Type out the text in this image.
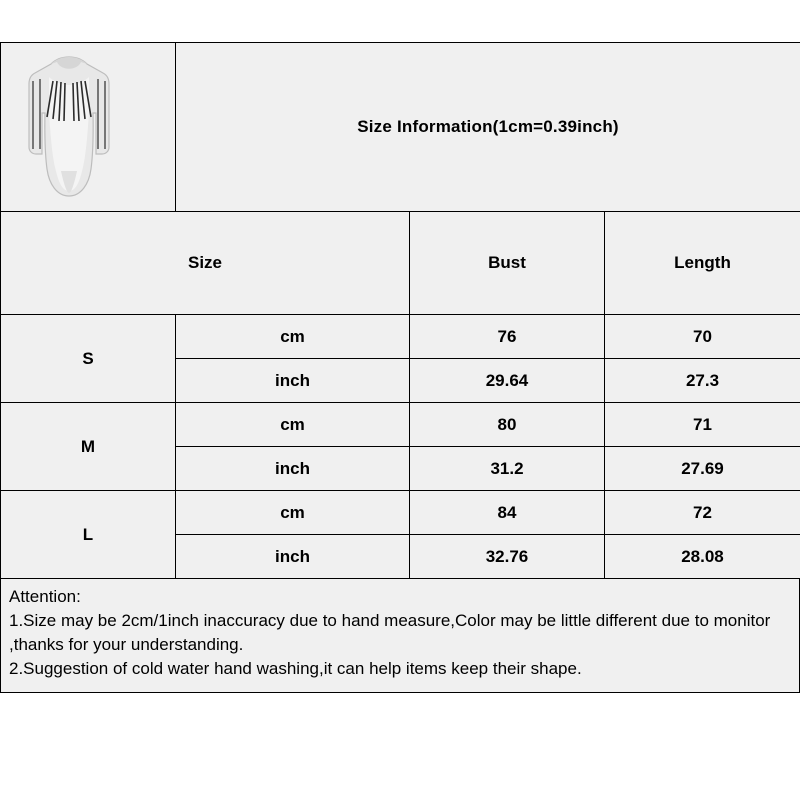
	Size Information(1cm=0.39inch)		
Size		Bust	Length
S	cm	76	70
	inch	29.64	27.3
M	cm	80	71
	inch	31.2	27.69
L	cm	84	72
	inch	32.76	28.08
Attention:
1.Size may be 2cm/1inch inaccuracy due to hand measure,Color may be little different due to monitor ,thanks for your understanding.
2.Suggestion of cold water hand washing,it can help items keep their shape.
